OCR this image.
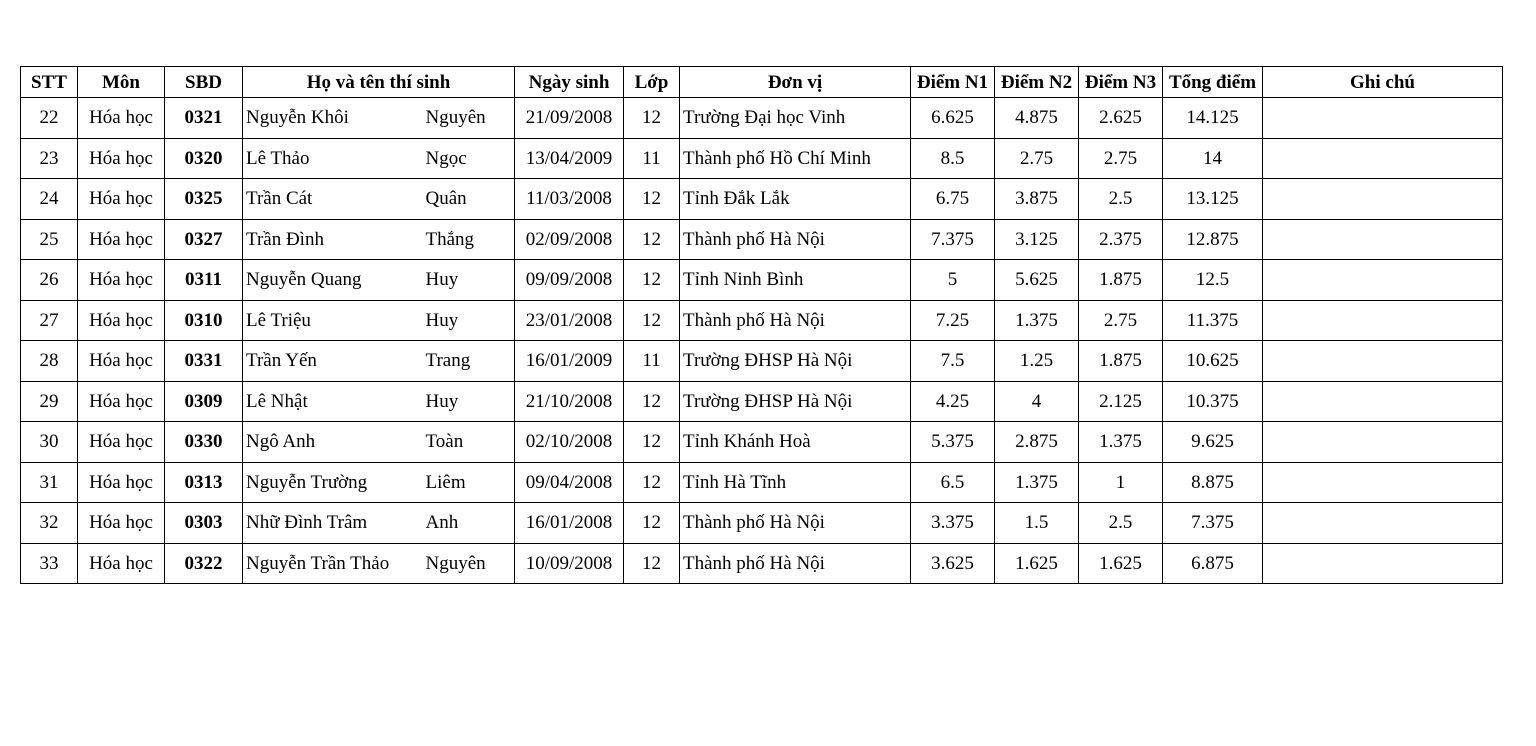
STT	Môn	SBD	Họ và tên thí sinh		Ngày sinh	Lớp	Đơn vị	Điểm N1	Điểm N2	Điểm N3	Tổng điểm	Ghi chú
22	Hóa học	0321	Nguyễn Khôi	Nguyên	21/09/2008	12	Trường Đại học Vinh	6.625	4.875	2.625	14.125	
23	Hóa học	0320	Lê Thảo	Ngọc	13/04/2009	11	Thành phố Hồ Chí Minh	8.5	2.75	2.75	14	
24	Hóa học	0325	Trần Cát	Quân	11/03/2008	12	Tỉnh Đắk Lắk	6.75	3.875	2.5	13.125	
25	Hóa học	0327	Trần Đình	Thắng	02/09/2008	12	Thành phố Hà Nội	7.375	3.125	2.375	12.875	
26	Hóa học	0311	Nguyễn Quang	Huy	09/09/2008	12	Tỉnh Ninh Bình	5	5.625	1.875	12.5	
27	Hóa học	0310	Lê Triệu	Huy	23/01/2008	12	Thành phố Hà Nội	7.25	1.375	2.75	11.375	
28	Hóa học	0331	Trần Yến	Trang	16/01/2009	11	Trường ĐHSP Hà Nội	7.5	1.25	1.875	10.625	
29	Hóa học	0309	Lê Nhật	Huy	21/10/2008	12	Trường ĐHSP Hà Nội	4.25	4	2.125	10.375	
30	Hóa học	0330	Ngô Anh	Toàn	02/10/2008	12	Tỉnh Khánh Hoà	5.375	2.875	1.375	9.625	
31	Hóa học	0313	Nguyễn Trường	Liêm	09/04/2008	12	Tỉnh Hà Tĩnh	6.5	1.375	1	8.875	
32	Hóa học	0303	Nhữ Đình Trâm	Anh	16/01/2008	12	Thành phố Hà Nội	3.375	1.5	2.5	7.375	
33	Hóa học	0322	Nguyễn Trần Thảo	Nguyên	10/09/2008	12	Thành phố Hà Nội	3.625	1.625	1.625	6.875	
